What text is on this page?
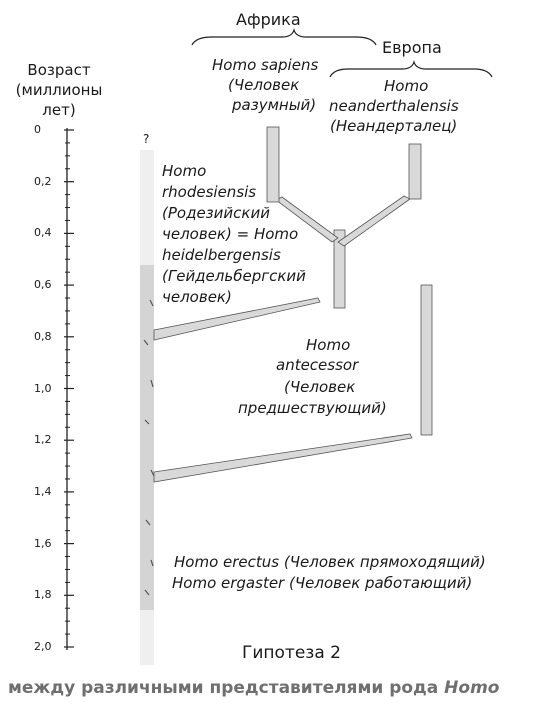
Возраст
(миллионы
лет)
0
0,2
0,4
0,6
0,8
1,0
1,2
1,4
1,6
1,8
2,0
Африка
Европа
?
Homo sapiens
(Человек
разумный)
Homo
neanderthalensis
(Неандерталец)
Homo
rhodesiensis
(Родезийский
человек) = Homo
heidelbergensis
(Гейдельбергский
человек)
Homo
antecessor
(Человек
предшествующий)
Homo erectus (Человек прямоходящий)
Homo ergaster (Человек работающий)
Гипотеза 2
между различными представителями рода Homo
